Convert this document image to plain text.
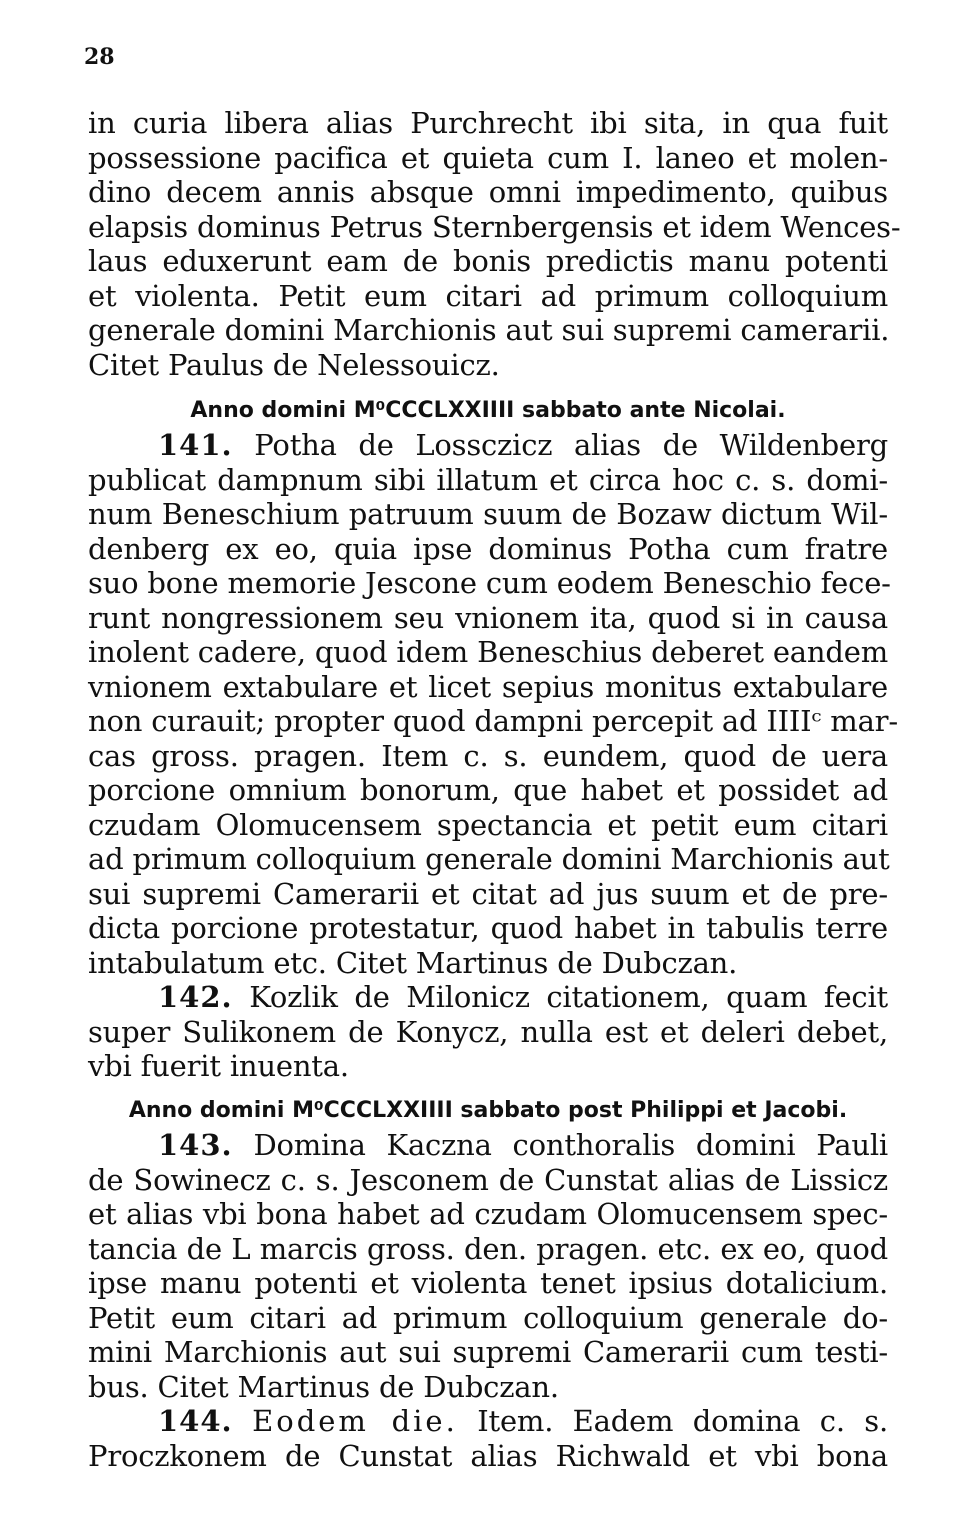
28
in curia libera alias Purchrecht ibi sita, in qua fuit
possessione pacifica et quieta cum I. laneo et molen-
dino decem annis absque omni impedimento, quibus
elapsis dominus Petrus Sternbergensis et idem Wences-
laus eduxerunt eam de bonis predictis manu potenti
et violenta. Petit eum citari ad primum colloquium
generale domini Marchionis aut sui supremi camerarii.
Citet Paulus de Nelessouicz.
Anno domini M⁰CCCLXXIIII sabbato ante Nicolai.
141. Potha de Lossczicz alias de Wildenberg
publicat dampnum sibi illatum et circa hoc c. s. domi-
num Beneschium patruum suum de Bozaw dictum Wil-
denberg ex eo, quia ipse dominus Potha cum fratre
suo bone memorie Jescone cum eodem Beneschio fece-
runt nongressionem seu vnionem ita, quod si in causa
inolent cadere, quod idem Beneschius deberet eandem
vnionem extabulare et licet sepius monitus extabulare
non curauit; propter quod dampni percepit ad IIIIᶜ mar-
cas gross. pragen. Item c. s. eundem, quod de uera
porcione omnium bonorum, que habet et possidet ad
czudam Olomucensem spectancia et petit eum citari
ad primum colloquium generale domini Marchionis aut
sui supremi Camerarii et citat ad jus suum et de pre-
dicta porcione protestatur, quod habet in tabulis terre
intabulatum etc. Citet Martinus de Dubczan.
142. Kozlik de Milonicz citationem, quam fecit
super Sulikonem de Konycz, nulla est et deleri debet,
vbi fuerit inuenta.
Anno domini M⁰CCCLXXIIII sabbato post Philippi et Jacobi.
143. Domina Kaczna conthoralis domini Pauli
de Sowinecz c. s. Jesconem de Cunstat alias de Lissicz
et alias vbi bona habet ad czudam Olomucensem spec-
tancia de L marcis gross. den. pragen. etc. ex eo, quod
ipse manu potenti et violenta tenet ipsius dotalicium.
Petit eum citari ad primum colloquium generale do-
mini Marchionis aut sui supremi Camerarii cum testi-
bus. Citet Martinus de Dubczan.
144. Eodem die. Item. Eadem domina c. s.
Proczkonem de Cunstat alias Richwald et vbi bona
